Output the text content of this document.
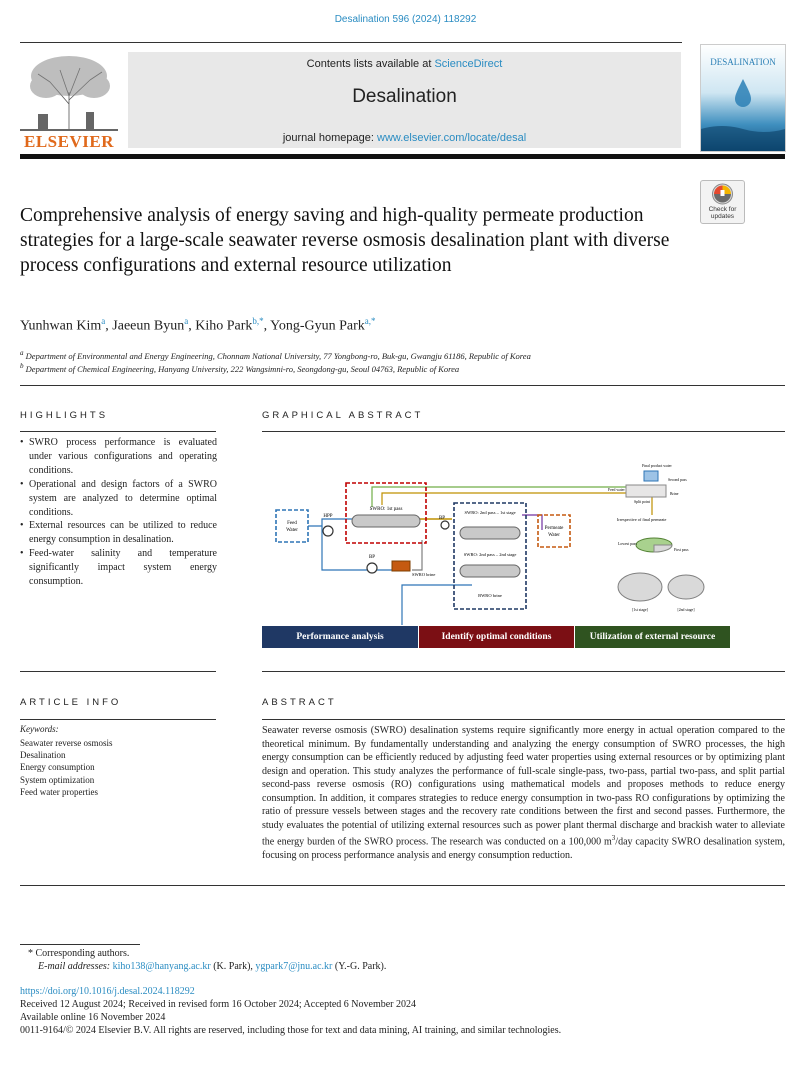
Desalination 596 (2024) 118292
ELSEVIER
Contents lists available at ScienceDirect
Desalination
journal homepage: www.elsevier.com/locate/desal
DESALINATION
Check for
updates
Comprehensive analysis of energy saving and high-quality permeate production strategies for a large-scale seawater reverse osmosis desalination plant with diverse process configurations and external resource utilization
Yunhwan Kim$^a$, Jaeeun Byun$^a$, Kiho Park$^{b,*}$, Yong-Gyun Park$^{a,*}$
$^a$ Department of Environmental and Energy Engineering, Chonnam National University, 77 Yongbong-ro, Buk-gu, Gwangju 61186, Republic of Korea
$^b$ Department of Chemical Engineering, Hanyang University, 222 Wangsimni-ro, Seongdong-gu, Seoul 04763, Republic of Korea
HIGHLIGHTS
• SWRO process performance is evaluated under various configurations and operating conditions.
• Operational and design factors of a SWRO system are analyzed to determine optimal conditions.
• External resources can be utilized to reduce energy consumption in desalination.
• Feed-water salinity and temperature significantly impact system energy consumption.
GRAPHICAL ABSTRACT
Feed
Water
HPP
BP
BP
SWRO brine
SWRO: 1st pass
SWRO: 2nd pass – 1st stage
SWRO: 2nd pass – 2nd stage
BWRO brine
Permeate
Water
Final product water
Feed water
Brine
Second pass
Split point
Irrespective of final permeate
Lowest pass
First pass
[1st stage]	[2nd stage]
Performance analysis	Identify optimal conditions	Utilization of external resource
ARTICLE INFO
Keywords:
Seawater reverse osmosis
Desalination
Energy consumption
System optimization
Feed water properties
ABSTRACT
Seawater reverse osmosis (SWRO) desalination systems require significantly more energy in actual operation compared to the theoretical minimum. By fundamentally understanding and analyzing the energy consumption of SWRO processes, the high energy consumption can be efficiently reduced by adjusting feed water properties using external resources or by optimizing plant design and operation. This study analyzes the performance of full-scale single-pass, two-pass, partial two-pass, and split partial second-pass reverse osmosis (RO) configurations using mathematical models and proposes methods to reduce energy consumption. In addition, it compares strategies to reduce energy consumption in two-pass RO configurations by optimizing the ratio of pressure vessels between stages and the recovery rate conditions between the first and second passes. Furthermore, the study evaluates the potential of utilizing external resources such as power plant thermal discharge and brackish water to alleviate the energy burden of the SWRO process. The research was conducted on a 100,000 $m^3$/day capacity SWRO desalination system, focusing on process performance analysis and energy consumption reduction.
* Corresponding authors.
E-mail addresses: kiho138@hanyang.ac.kr (K. Park), ygpark7@jnu.ac.kr (Y.-G. Park).
https://doi.org/10.1016/j.desal.2024.118292
Received 12 August 2024; Received in revised form 16 October 2024; Accepted 6 November 2024
Available online 16 November 2024
0011-9164/© 2024 Elsevier B.V. All rights are reserved, including those for text and data mining, AI training, and similar technologies.
